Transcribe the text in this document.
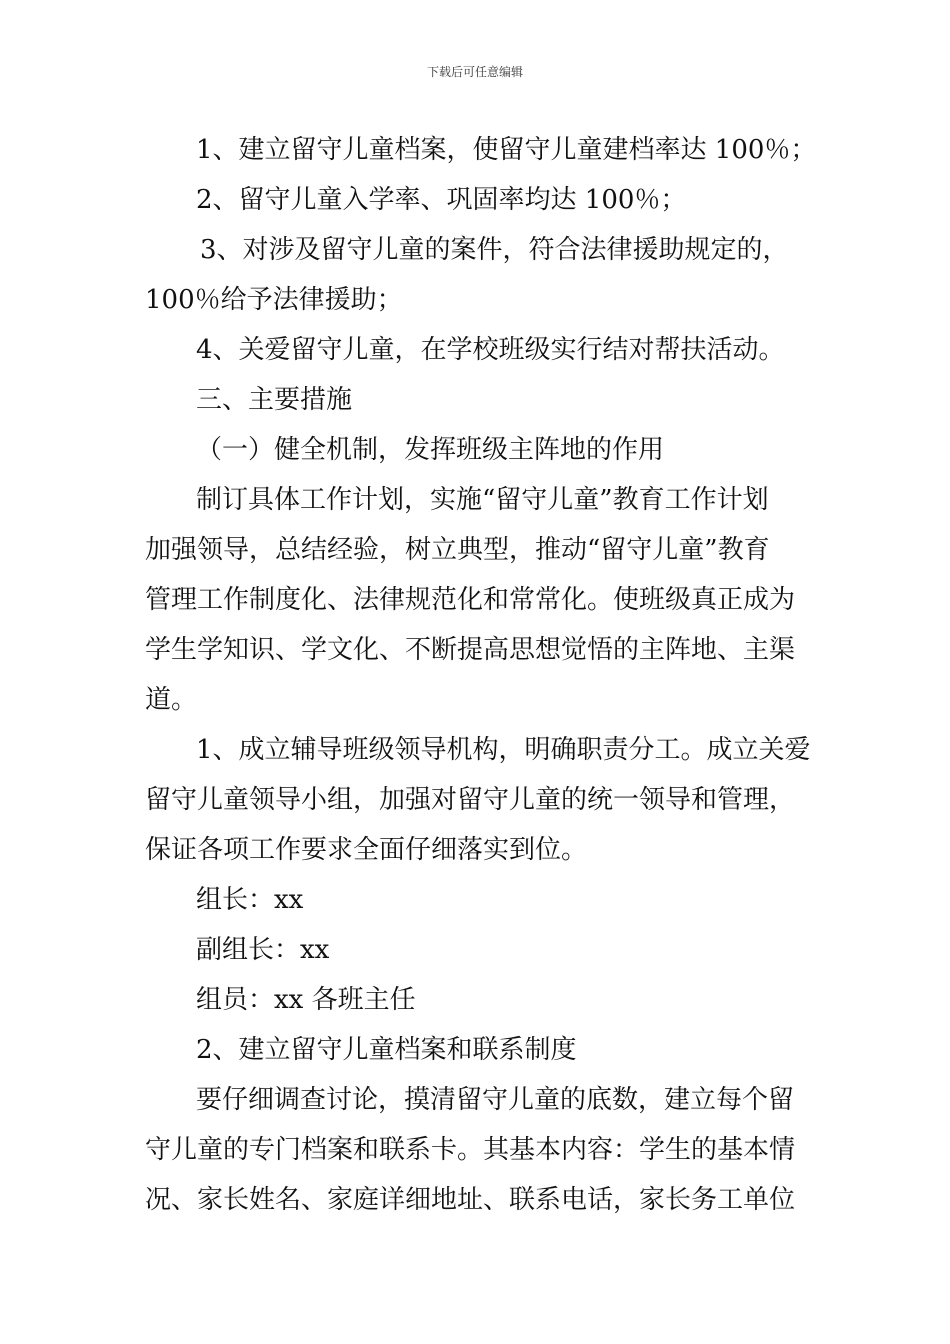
下载后可任意编辑
1、建立留守儿童档案，使留守儿童建档率达 100％；
2、留守儿童入学率、巩固率均达 100％；
3、对涉及留守儿童的案件，符合法律援助规定的，
100％给予法律援助；
4、关爱留守儿童，在学校班级实行结对帮扶活动。
三、主要措施
（一）健全机制，发挥班级主阵地的作用
制订具体工作计划，实施“留守儿童”教育工作计划
加强领导，总结经验，树立典型，推动“留守儿童”教育
管理工作制度化、法律规范化和常常化。使班级真正成为
学生学知识、学文化、不断提高思想觉悟的主阵地、主渠
道。
1、成立辅导班级领导机构，明确职责分工。成立关爱
留守儿童领导小组，加强对留守儿童的统一领导和管理，
保证各项工作要求全面仔细落实到位。
组长：xx
副组长：xx
组员：xx 各班主任
2、建立留守儿童档案和联系制度
要仔细调查讨论，摸清留守儿童的底数，建立每个留
守儿童的专门档案和联系卡。其基本内容：学生的基本情
况、家长姓名、家庭详细地址、联系电话，家长务工单位
